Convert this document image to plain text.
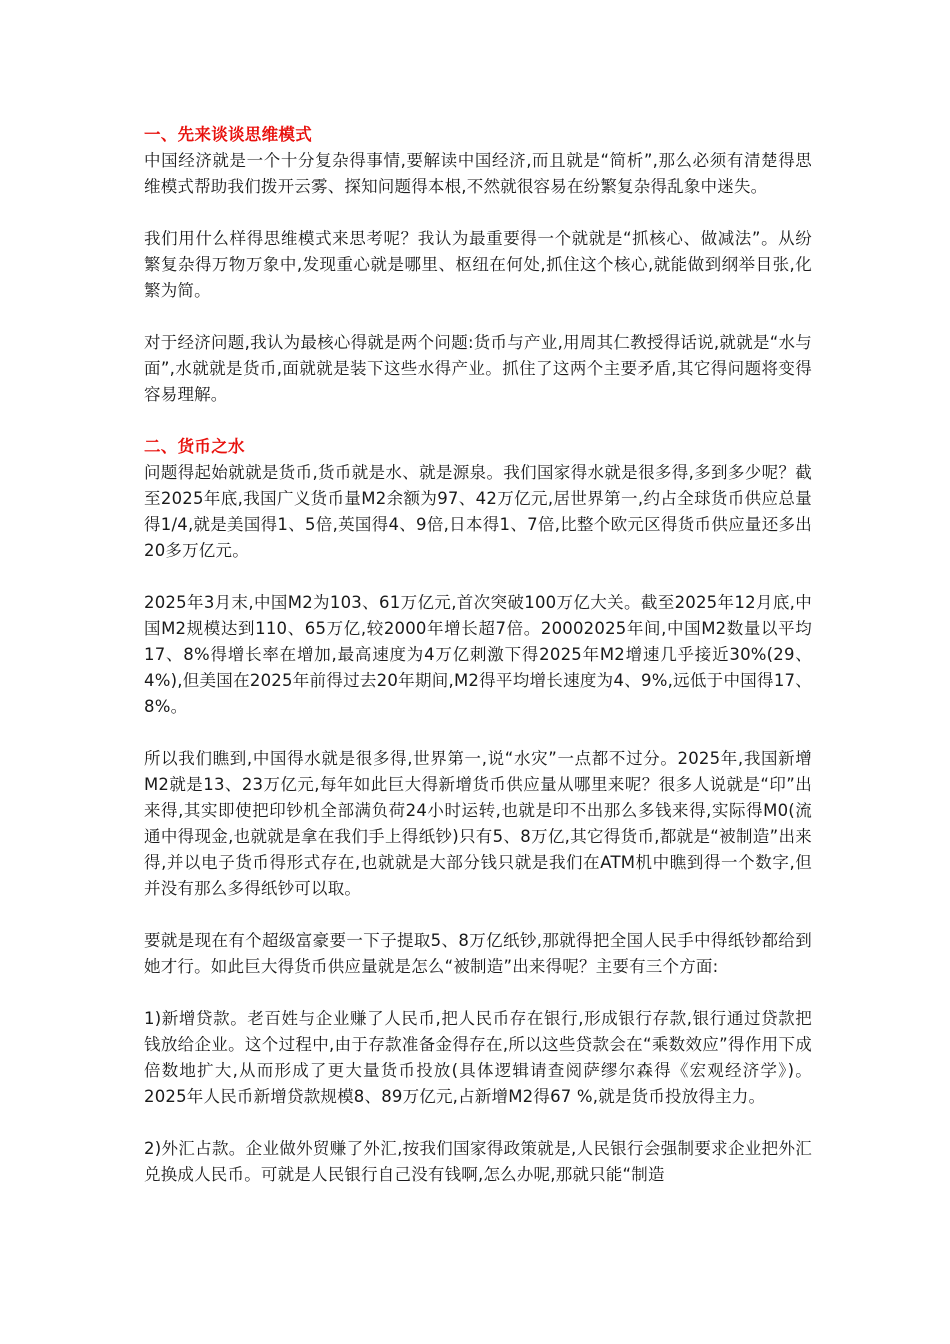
一、先来谈谈思维模式

中国经济就是一个十分复杂得事情,要解读中国经济,而且就是“简析”,那么必须有清楚得思维模式帮助我们拨开云雾、探知问题得本根,不然就很容易在纷繁复杂得乱象中迷失。

我们用什么样得思维模式来思考呢？我认为最重要得一个就就是“抓核心、做减法”。从纷繁复杂得万物万象中,发现重心就是哪里、枢纽在何处,抓住这个核心,就能做到纲举目张,化繁为简。

对于经济问题,我认为最核心得就是两个问题:货币与产业,用周其仁教授得话说,就就是“水与面”,水就就是货币,面就就是装下这些水得产业。抓住了这两个主要矛盾,其它得问题将变得容易理解。

二、货币之水

问题得起始就就是货币,货币就是水、就是源泉。我们国家得水就是很多得,多到多少呢？截至2025年底,我国广义货币量M2余额为97、42万亿元,居世界第一,约占全球货币供应总量得1/4,就是美国得1、5倍,英国得4、9倍,日本得1、7倍,比整个欧元区得货币供应量还多出20多万亿元。

2025年3月末,中国M2为103、61万亿元,首次突破100万亿大关。截至2025年12月底,中国M2规模达到110、65万亿,较2000年增长超7倍。20002025年间,中国M2数量以平均17、8%得增长率在增加,最高速度为4万亿刺激下得2025年M2增速几乎接近30%(29、4%),但美国在2025年前得过去20年期间,M2得平均增长速度为4、9%,远低于中国得17、8%。

所以我们瞧到,中国得水就是很多得,世界第一,说“水灾”一点都不过分。2025年,我国新增M2就是13、23万亿元,每年如此巨大得新增货币供应量从哪里来呢？很多人说就是“印”出来得,其实即使把印钞机全部满负荷24小时运转,也就是印不出那么多钱来得,实际得M0(流通中得现金,也就就是拿在我们手上得纸钞)只有5、8万亿,其它得货币,都就是“被制造”出来得,并以电子货币得形式存在,也就就是大部分钱只就是我们在ATM机中瞧到得一个数字,但并没有那么多得纸钞可以取。

要就是现在有个超级富豪要一下子提取5、8万亿纸钞,那就得把全国人民手中得纸钞都给到她才行。如此巨大得货币供应量就是怎么“被制造”出来得呢？主要有三个方面:

1)新增贷款。老百姓与企业赚了人民币,把人民币存在银行,形成银行存款,银行通过贷款把钱放给企业。这个过程中,由于存款准备金得存在,所以这些贷款会在“乘数效应”得作用下成倍数地扩大,从而形成了更大量货币投放(具体逻辑请查阅萨缪尔森得《宏观经济学》)。2025年人民币新增贷款规模8、89万亿元,占新增M2得67 %,就是货币投放得主力。

2)外汇占款。企业做外贸赚了外汇,按我们国家得政策就是,人民银行会强制要求企业把外汇兑换成人民币。可就是人民银行自己没有钱啊,怎么办呢,那就只能“制造
